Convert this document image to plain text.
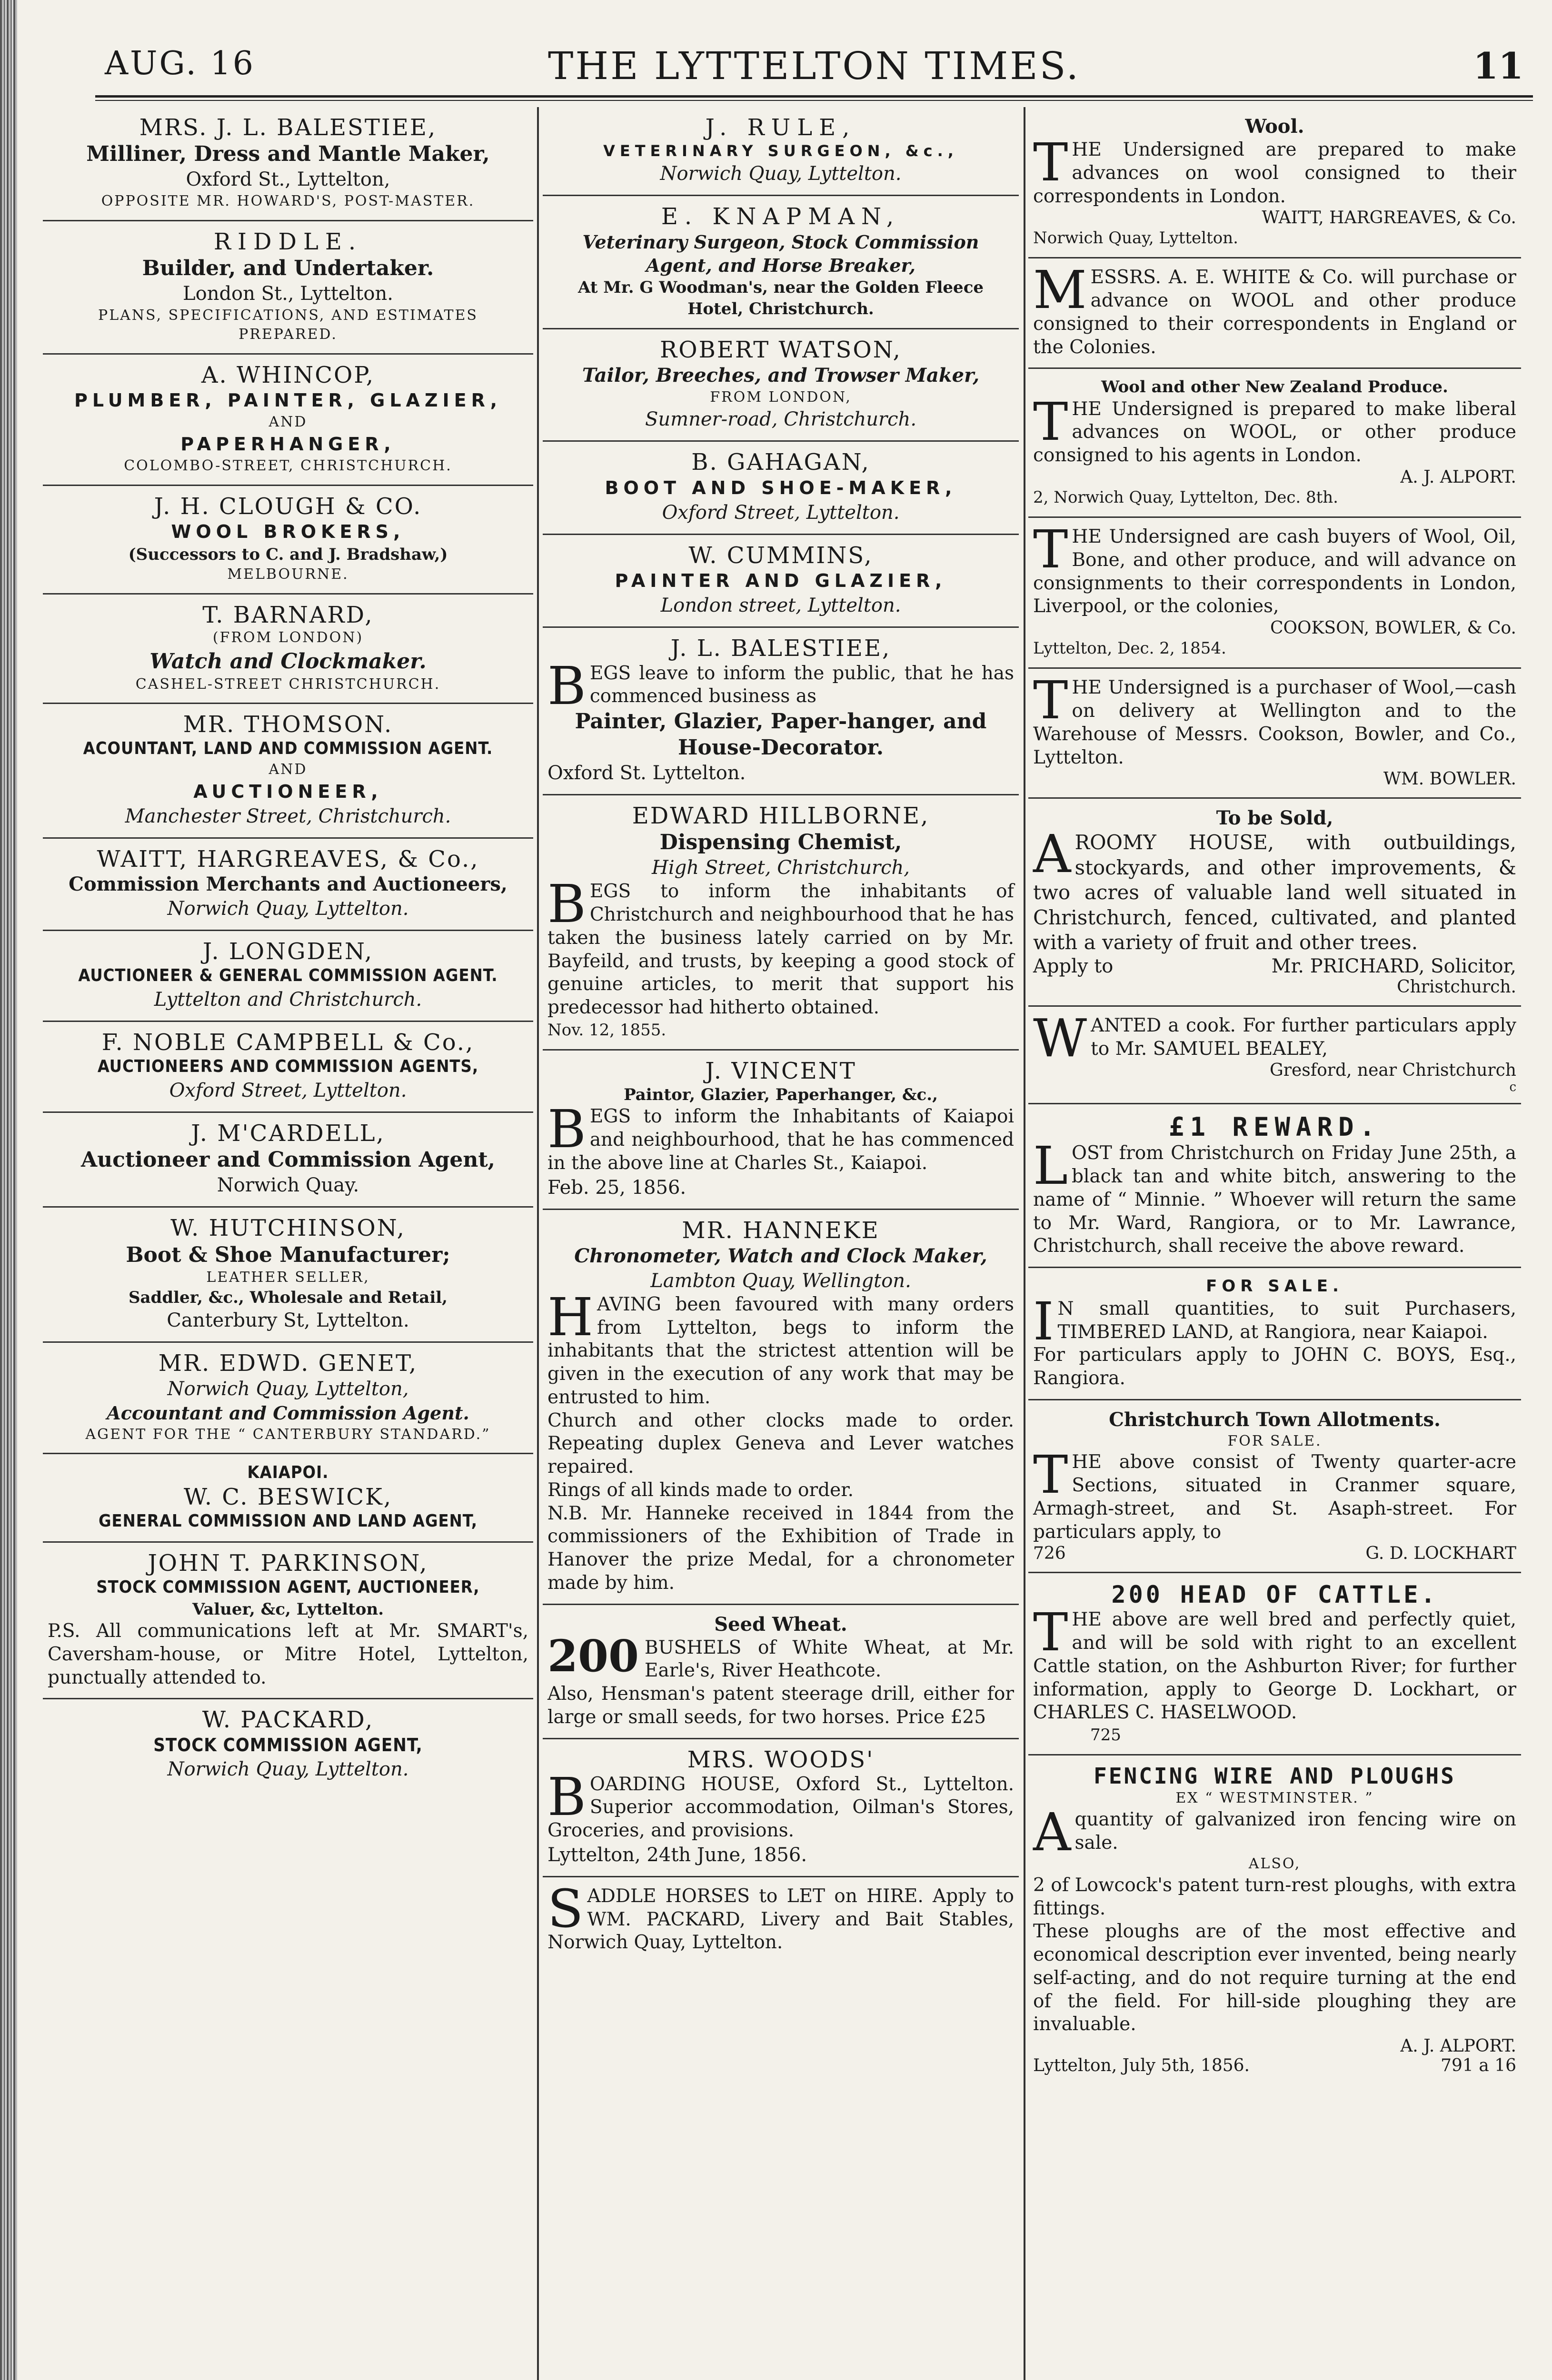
AUG. 16	THE LYTTELTON TIMES.	11

MRS. J. L. BALESTIEE,

Milliner, Dress and Mantle Maker,

Oxford St., Lyttelton,

OPPOSITE MR. HOWARD'S, POST-MASTER.

RIDDLE.

Builder, and Undertaker.

London St., Lyttelton.

PLANS, SPECIFICATIONS, AND ESTIMATES PREPARED.

A. WHINCOP,

PLUMBER, PAINTER, GLAZIER,

AND

PAPERHANGER,

COLOMBO-STREET, CHRISTCHURCH.

J. H. CLOUGH & CO.

WOOL BROKERS,

(Successors to C. and J. Bradshaw,)

MELBOURNE.

T. BARNARD,

(FROM LONDON)

Watch and Clockmaker.

CASHEL-STREET CHRISTCHURCH.

MR. THOMSON.

ACOUNTANT, LAND AND COMMISSION AGENT.

AND

AUCTIONEER,

Manchester Street, Christchurch.

WAITT, HARGREAVES, & Co.,

Commission Merchants and Auctioneers,

Norwich Quay, Lyttelton.

J. LONGDEN,

AUCTIONEER & GENERAL COMMISSION AGENT.

Lyttelton and Christchurch.

F. NOBLE CAMPBELL & Co.,

AUCTIONEERS AND COMMISSION AGENTS,

Oxford Street, Lyttelton.

J. M'CARDELL,

Auctioneer and Commission Agent,

Norwich Quay.

W. HUTCHINSON,

Boot & Shoe Manufacturer;

LEATHER SELLER,

Saddler, &c., Wholesale and Retail,

Canterbury St, Lyttelton.

MR. EDWD. GENET,

Norwich Quay, Lyttelton,

Accountant and Commission Agent.

AGENT FOR THE “ CANTERBURY STANDARD.”

KAIAPOI.

W. C. BESWICK,

GENERAL COMMISSION AND LAND AGENT,

JOHN T. PARKINSON,

STOCK COMMISSION AGENT, AUCTIONEER,

Valuer, &c, Lyttelton.

P.S. All communications left at Mr. SMART's, Caversham-house, or Mitre Hotel, Lyttelton, punctually attended to.

W. PACKARD,

STOCK COMMISSION AGENT,

Norwich Quay, Lyttelton.

J. RULE,

VETERINARY SURGEON, &c.,

Norwich Quay, Lyttelton.

E. KNAPMAN,

Veterinary Surgeon, Stock Commission Agent, and Horse Breaker,

At Mr. G Woodman's, near the Golden Fleece Hotel, Christchurch.

ROBERT WATSON,

Tailor, Breeches, and Trowser Maker,

FROM LONDON,

Sumner-road, Christchurch.

B. GAHAGAN,

BOOT AND SHOE-MAKER,

Oxford Street, Lyttelton.

W. CUMMINS,

PAINTER AND GLAZIER,

London street, Lyttelton.

J. L. BALESTIEE,

BEGS leave to inform the public, that he has commenced business as

Painter, Glazier, Paper-hanger, and House-Decorator.

Oxford St. Lyttelton.

EDWARD HILLBORNE,

Dispensing Chemist,

High Street, Christchurch,

BEGS to inform the inhabitants of Christchurch and neighbourhood that he has taken the business lately carried on by Mr. Bayfeild, and trusts, by keeping a good stock of genuine articles, to merit that support his predecessor had hitherto obtained.

Nov. 12, 1855.

J. VINCENT

Paintor, Glazier, Paperhanger, &c.,

BEGS to inform the Inhabitants of Kaiapoi and neighbourhood, that he has commenced in the above line at Charles St., Kaiapoi.

Feb. 25, 1856.

MR. HANNEKE

Chronometer, Watch and Clock Maker,

Lambton Quay, Wellington.

HAVING been favoured with many orders from Lyttelton, begs to inform the inhabitants that the strictest attention will be given in the execution of any work that may be entrusted to him.

Church and other clocks made to order. Repeating duplex Geneva and Lever watches repaired.

Rings of all kinds made to order.

N.B. Mr. Hanneke received in 1844 from the commissioners of the Exhibition of Trade in Hanover the prize Medal, for a chronometer made by him.

Seed Wheat.

200 BUSHELS of White Wheat, at Mr. Earle's, River Heathcote.

Also, Hensman's patent steerage drill, either for large or small seeds, for two horses. Price £25

MRS. WOODS'

BOARDING HOUSE, Oxford St., Lyttelton. Superior accommodation, Oilman's Stores, Groceries, and provisions.

Lyttelton, 24th June, 1856.

SADDLE HORSES to LET on HIRE. Apply to WM. PACKARD, Livery and Bait Stables, Norwich Quay, Lyttelton.

Wool.

THE Undersigned are prepared to make advances on wool consigned to their correspondents in London.

WAITT, HARGREAVES, & Co.

Norwich Quay, Lyttelton.

MESSRS. A. E. WHITE & Co. will purchase or advance on WOOL and other produce consigned to their correspondents in England or the Colonies.

Wool and other New Zealand Produce.

THE Undersigned is prepared to make liberal advances on WOOL, or other produce consigned to his agents in London.

A. J. ALPORT.

2, Norwich Quay, Lyttelton, Dec. 8th.

THE Undersigned are cash buyers of Wool, Oil, Bone, and other produce, and will advance on consignments to their correspondents in London, Liverpool, or the colonies,

COOKSON, BOWLER, & Co.

Lyttelton, Dec. 2, 1854.

THE Undersigned is a purchaser of Wool,—cash on delivery at Wellington and to the Warehouse of Messrs. Cookson, Bowler, and Co., Lyttelton.

WM. BOWLER.

To be Sold,

AROOMY HOUSE, with outbuildings, stockyards, and other improvements, & two acres of valuable land well situated in Christchurch, fenced, cultivated, and planted with a variety of fruit and other trees.

Apply to	Mr. PRICHARD, Solicitor,

Christchurch.

WANTED a cook. For further particulars apply to Mr. SAMUEL BEALEY,

Gresford, near Christchurch

c

£1 REWARD.

LOST from Christchurch on Friday June 25th, a black tan and white bitch, answering to the name of “ Minnie. ” Whoever will return the same to Mr. Ward, Rangiora, or to Mr. Lawrance, Christchurch, shall receive the above reward.

FOR SALE.

I N small quantities, to suit Purchasers, TIMBERED LAND, at Rangiora, near Kaiapoi.

For particulars apply to JOHN C. BOYS, Esq., Rangiora.

Christchurch Town Allotments.

FOR SALE.

THE above consist of Twenty quarter-acre Sections, situated in Cranmer square, Armagh-street, and St. Asaph-street. For particulars apply, to

726	G. D. LOCKHART

200 HEAD OF CATTLE.

THE above are well bred and perfectly quiet, and will be sold with right to an excellent Cattle station, on the Ashburton River; for further information, apply to George D. Lockhart, or CHARLES C. HASELWOOD.

725

FENCING WIRE AND PLOUGHS

EX “ WESTMINSTER. ”

Aquantity of galvanized iron fencing wire on sale.

ALSO,

2 of Lowcock's patent turn-rest ploughs, with extra fittings.

These ploughs are of the most effective and economical description ever invented, being nearly self-acting, and do not require turning at the end of the field. For hill-side ploughing they are invaluable.

A. J. ALPORT.

Lyttelton, July 5th, 1856.	791 a 16
